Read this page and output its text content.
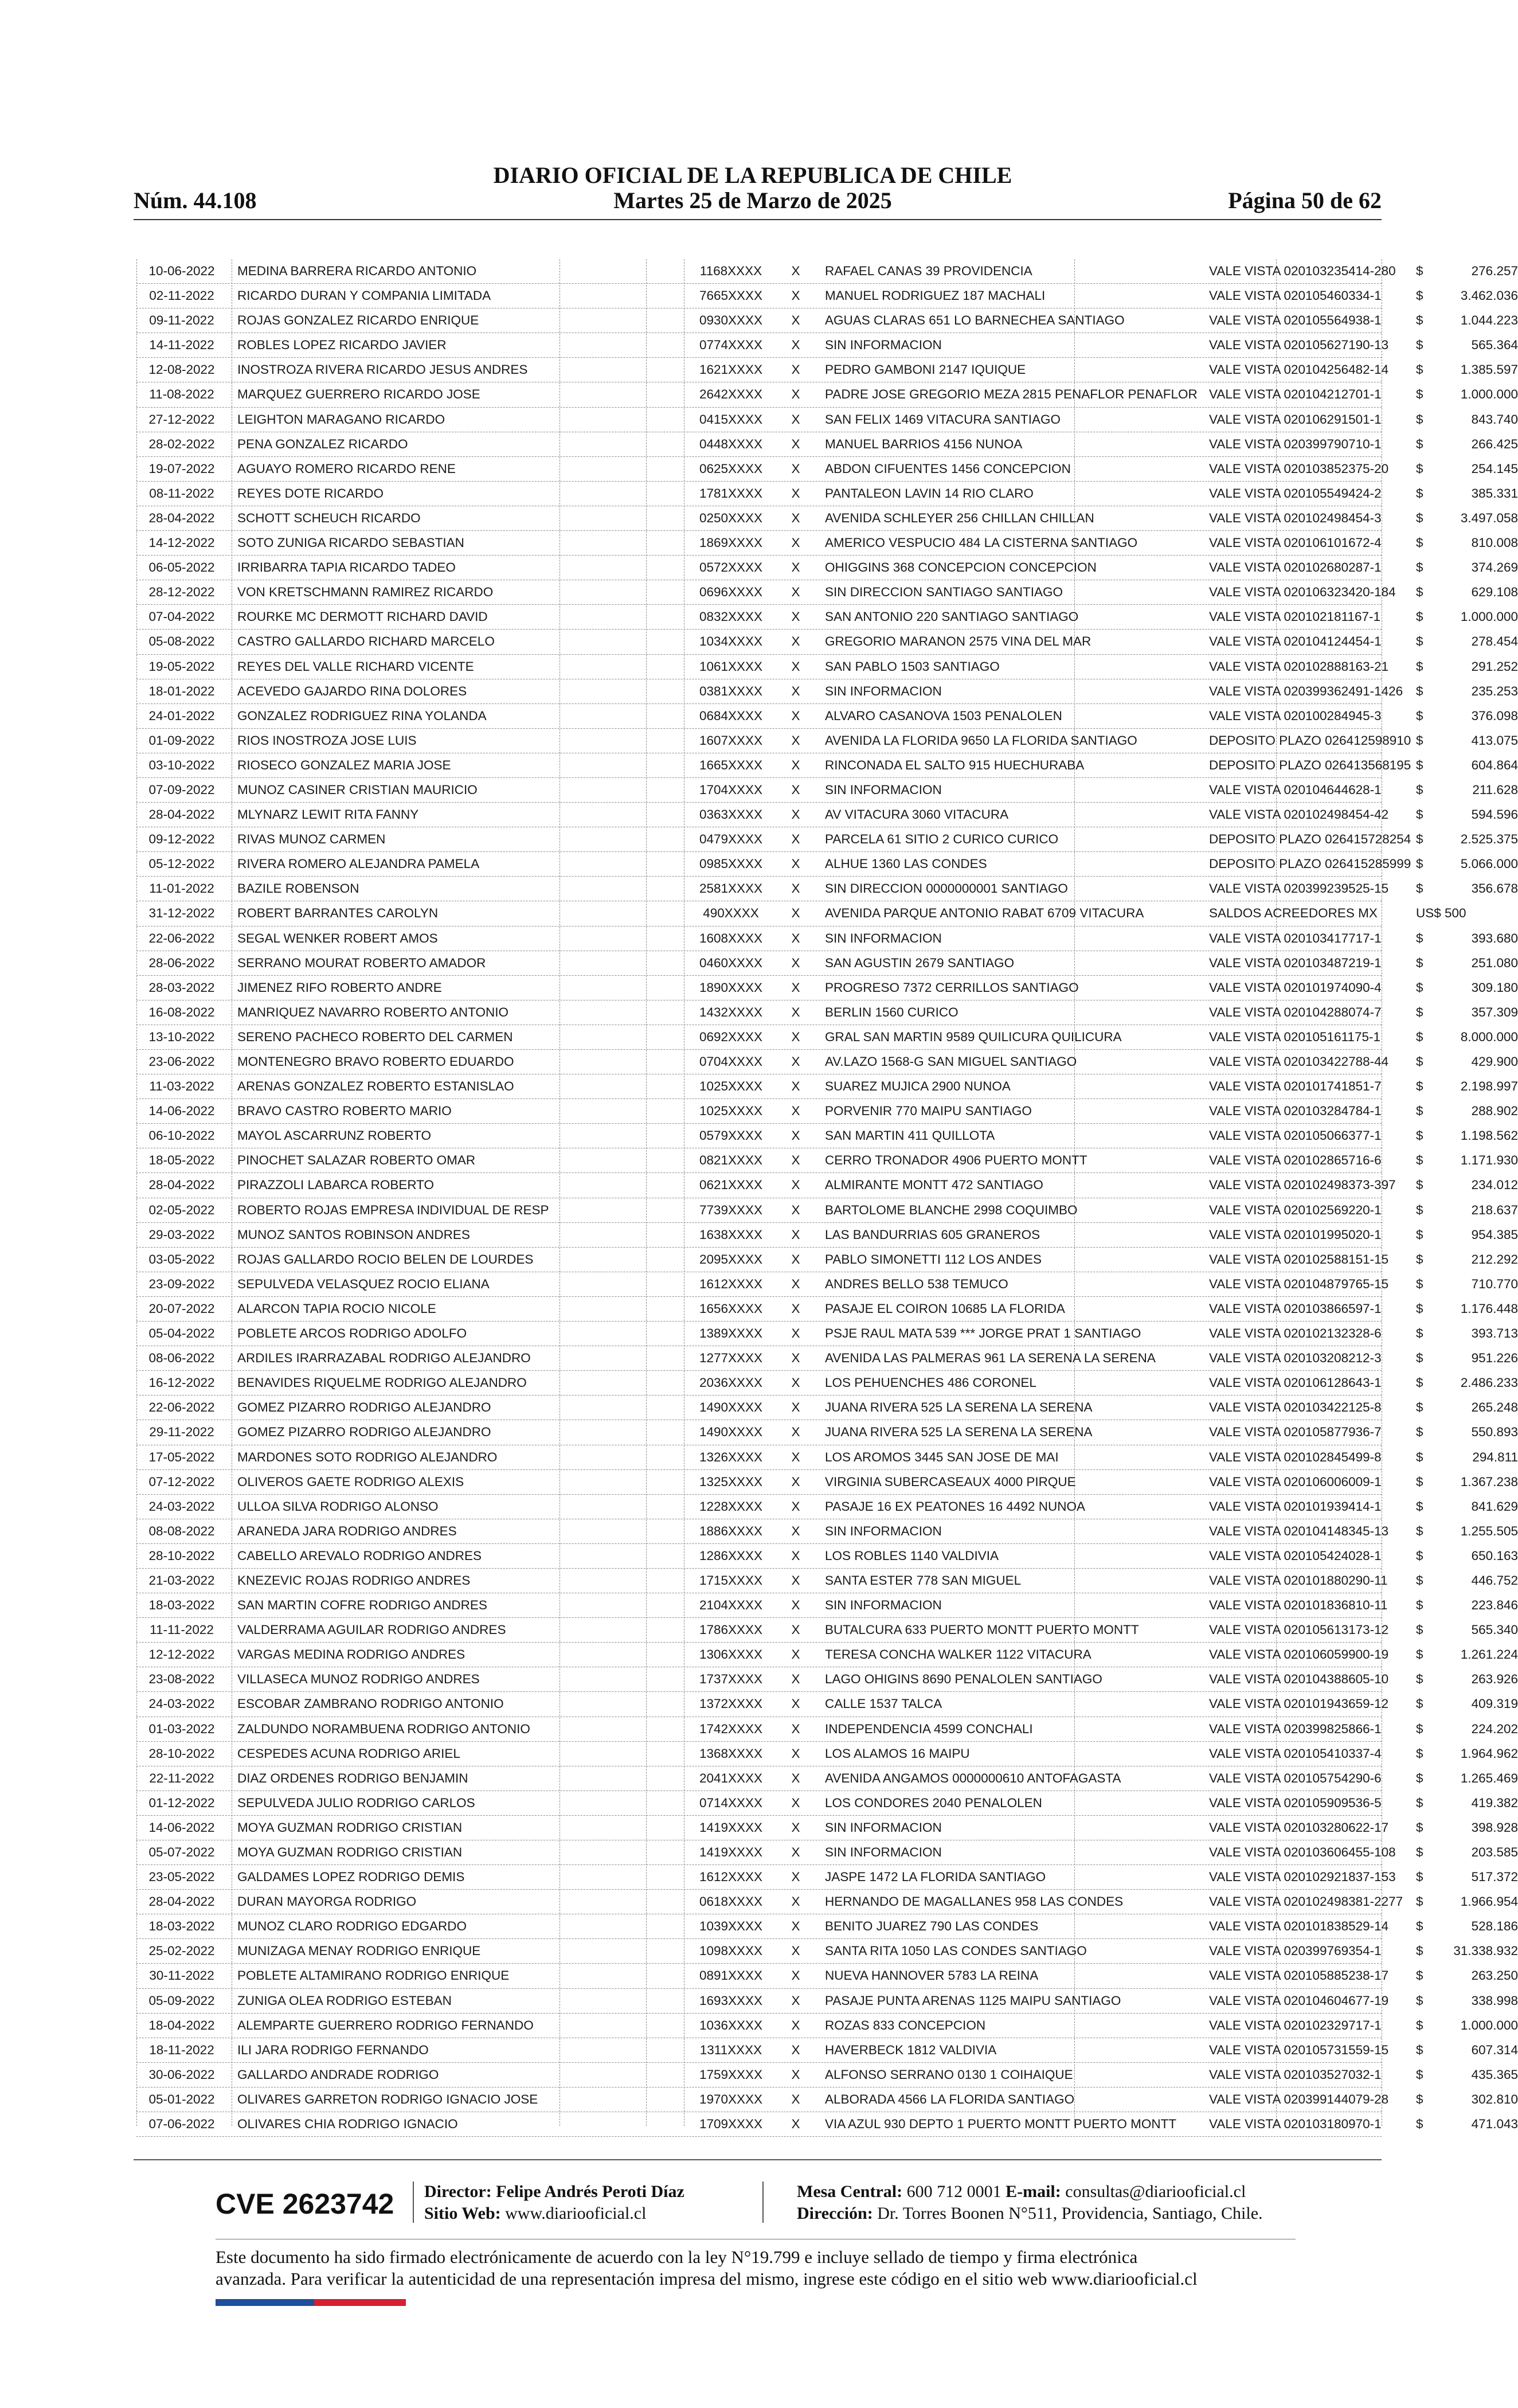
DIARIO OFICIAL DE LA REPUBLICA DE CHILE
Núm. 44.108	Martes 25 de Marzo de 2025	Página 50 de 62
10-06-2022	MEDINA BARRERA RICARDO ANTONIO	1168XXXX	X	RAFAEL CANAS 39 PROVIDENCIA	VALE VISTA 020103235414-280	$	276.257
02-11-2022	RICARDO DURAN Y COMPANIA LIMITADA	7665XXXX	X	MANUEL RODRIGUEZ 187 MACHALI	VALE VISTA 020105460334-1	$	3.462.036
09-11-2022	ROJAS GONZALEZ RICARDO ENRIQUE	0930XXXX	X	AGUAS CLARAS 651 LO BARNECHEA SANTIAGO	VALE VISTA 020105564938-1	$	1.044.223
14-11-2022	ROBLES LOPEZ RICARDO JAVIER	0774XXXX	X	SIN INFORMACION	VALE VISTA 020105627190-13	$	565.364
12-08-2022	INOSTROZA RIVERA RICARDO JESUS ANDRES	1621XXXX	X	PEDRO GAMBONI 2147 IQUIQUE	VALE VISTA 020104256482-14	$	1.385.597
11-08-2022	MARQUEZ GUERRERO RICARDO JOSE	2642XXXX	X	PADRE JOSE GREGORIO MEZA 2815 PENAFLOR PENAFLOR VALE VISTA 020104212701-1	$	1.000.000
27-12-2022	LEIGHTON MARAGANO RICARDO	0415XXXX	X	SAN FELIX 1469 VITACURA SANTIAGO	VALE VISTA 020106291501-1	$	843.740
28-02-2022	PENA GONZALEZ RICARDO	0448XXXX	X	MANUEL BARRIOS 4156 NUNOA	VALE VISTA 020399790710-1	$	266.425
19-07-2022	AGUAYO ROMERO RICARDO RENE	0625XXXX	X	ABDON CIFUENTES 1456 CONCEPCION	VALE VISTA 020103852375-20	$	254.145
08-11-2022	REYES DOTE RICARDO	1781XXXX	X	PANTALEON LAVIN 14 RIO CLARO	VALE VISTA 020105549424-2	$	385.331
28-04-2022	SCHOTT SCHEUCH RICARDO	0250XXXX	X	AVENIDA SCHLEYER 256 CHILLAN CHILLAN	VALE VISTA 020102498454-3	$	3.497.058
14-12-2022	SOTO ZUNIGA RICARDO SEBASTIAN	1869XXXX	X	AMERICO VESPUCIO 484 LA CISTERNA SANTIAGO	VALE VISTA 020106101672-4	$	810.008
06-05-2022	IRRIBARRA TAPIA RICARDO TADEO	0572XXXX	X	OHIGGINS 368 CONCEPCION CONCEPCION	VALE VISTA 020102680287-1	$	374.269
28-12-2022	VON KRETSCHMANN RAMIREZ RICARDO	0696XXXX	X	SIN DIRECCION SANTIAGO SANTIAGO	VALE VISTA 020106323420-184	$	629.108
07-04-2022	ROURKE MC DERMOTT RICHARD DAVID	0832XXXX	X	SAN ANTONIO 220 SANTIAGO SANTIAGO	VALE VISTA 020102181167-1	$	1.000.000
05-08-2022	CASTRO GALLARDO RICHARD MARCELO	1034XXXX	X	GREGORIO MARANON 2575 VINA DEL MAR	VALE VISTA 020104124454-1	$	278.454
19-05-2022	REYES DEL VALLE RICHARD VICENTE	1061XXXX	X	SAN PABLO 1503 SANTIAGO	VALE VISTA 020102888163-21	$	291.252
18-01-2022	ACEVEDO GAJARDO RINA DOLORES	0381XXXX	X	SIN INFORMACION	VALE VISTA 020399362491-1426	$	235.253
24-01-2022	GONZALEZ RODRIGUEZ RINA YOLANDA	0684XXXX	X	ALVARO CASANOVA 1503 PENALOLEN	VALE VISTA 020100284945-3	$	376.098
01-09-2022	RIOS INOSTROZA JOSE LUIS	1607XXXX	X	AVENIDA LA FLORIDA 9650 LA FLORIDA SANTIAGO	DEPOSITO PLAZO 026412598910 $	413.075
03-10-2022	RIOSECO GONZALEZ MARIA JOSE	1665XXXX	X	RINCONADA EL SALTO 915 HUECHURABA	DEPOSITO PLAZO 026413568195 $	604.864
07-09-2022	MUNOZ CASINER CRISTIAN MAURICIO	1704XXXX	X	SIN INFORMACION	VALE VISTA 020104644628-1	$	211.628
28-04-2022	MLYNARZ LEWIT RITA FANNY	0363XXXX	X	AV VITACURA 3060 VITACURA	VALE VISTA 020102498454-42	$	594.596
09-12-2022	RIVAS MUNOZ CARMEN	0479XXXX	X	PARCELA 61 SITIO 2 CURICO CURICO	DEPOSITO PLAZO 026415728254 $	2.525.375
05-12-2022	RIVERA ROMERO ALEJANDRA PAMELA	0985XXXX	X	ALHUE 1360 LAS CONDES	DEPOSITO PLAZO 026415285999 $	5.066.000
11-01-2022	BAZILE ROBENSON	2581XXXX	X	SIN DIRECCION 0000000001 SANTIAGO	VALE VISTA 020399239525-15	$	356.678
31-12-2022	ROBERT BARRANTES CAROLYN	490XXXX	X	AVENIDA PARQUE ANTONIO RABAT 6709 VITACURA	SALDOS ACREEDORES MX	US$ 500
22-06-2022	SEGAL WENKER ROBERT AMOS	1608XXXX	X	SIN INFORMACION	VALE VISTA 020103417717-1	$	393.680
28-06-2022	SERRANO MOURAT ROBERTO AMADOR	0460XXXX	X	SAN AGUSTIN 2679 SANTIAGO	VALE VISTA 020103487219-1	$	251.080
28-03-2022	JIMENEZ RIFO ROBERTO ANDRE	1890XXXX	X	PROGRESO 7372 CERRILLOS SANTIAGO	VALE VISTA 020101974090-4	$	309.180
16-08-2022	MANRIQUEZ NAVARRO ROBERTO ANTONIO	1432XXXX	X	BERLIN 1560 CURICO	VALE VISTA 020104288074-7	$	357.309
13-10-2022	SERENO PACHECO ROBERTO DEL CARMEN	0692XXXX	X	GRAL SAN MARTIN 9589 QUILICURA QUILICURA	VALE VISTA 020105161175-1	$	8.000.000
23-06-2022	MONTENEGRO BRAVO ROBERTO EDUARDO	0704XXXX	X	AV.LAZO 1568-G SAN MIGUEL SANTIAGO	VALE VISTA 020103422788-44	$	429.900
11-03-2022	ARENAS GONZALEZ ROBERTO ESTANISLAO	1025XXXX	X	SUAREZ MUJICA 2900 NUNOA	VALE VISTA 020101741851-7	$	2.198.997
14-06-2022	BRAVO CASTRO ROBERTO MARIO	1025XXXX	X	PORVENIR 770 MAIPU SANTIAGO	VALE VISTA 020103284784-1	$	288.902
06-10-2022	MAYOL ASCARRUNZ ROBERTO	0579XXXX	X	SAN MARTIN 411 QUILLOTA	VALE VISTA 020105066377-1	$	1.198.562
18-05-2022	PINOCHET SALAZAR ROBERTO OMAR	0821XXXX	X	CERRO TRONADOR 4906 PUERTO MONTT	VALE VISTA 020102865716-6	$	1.171.930
28-04-2022	PIRAZZOLI LABARCA ROBERTO	0621XXXX	X	ALMIRANTE MONTT 472 SANTIAGO	VALE VISTA 020102498373-397	$	234.012
02-05-2022	ROBERTO ROJAS EMPRESA INDIVIDUAL DE RESP	7739XXXX	X	BARTOLOME BLANCHE 2998 COQUIMBO	VALE VISTA 020102569220-1	$	218.637
29-03-2022	MUNOZ SANTOS ROBINSON ANDRES	1638XXXX	X	LAS BANDURRIAS 605 GRANEROS	VALE VISTA 020101995020-1	$	954.385
03-05-2022	ROJAS GALLARDO ROCIO BELEN DE LOURDES	2095XXXX	X	PABLO SIMONETTI 112 LOS ANDES	VALE VISTA 020102588151-15	$	212.292
23-09-2022	SEPULVEDA VELASQUEZ ROCIO ELIANA	1612XXXX	X	ANDRES BELLO 538 TEMUCO	VALE VISTA 020104879765-15	$	710.770
20-07-2022	ALARCON TAPIA ROCIO NICOLE	1656XXXX	X	PASAJE EL COIRON 10685 LA FLORIDA	VALE VISTA 020103866597-1	$	1.176.448
05-04-2022	POBLETE ARCOS RODRIGO ADOLFO	1389XXXX	X	PSJE RAUL MATA 539 *** JORGE PRAT 1 SANTIAGO	VALE VISTA 020102132328-6	$	393.713
08-06-2022	ARDILES IRARRAZABAL RODRIGO ALEJANDRO	1277XXXX	X	AVENIDA LAS PALMERAS 961 LA SERENA LA SERENA	VALE VISTA 020103208212-3	$	951.226
16-12-2022	BENAVIDES RIQUELME RODRIGO ALEJANDRO	2036XXXX	X	LOS PEHUENCHES 486 CORONEL	VALE VISTA 020106128643-1	$	2.486.233
22-06-2022	GOMEZ PIZARRO RODRIGO ALEJANDRO	1490XXXX	X	JUANA RIVERA 525 LA SERENA LA SERENA	VALE VISTA 020103422125-8	$	265.248
29-11-2022	GOMEZ PIZARRO RODRIGO ALEJANDRO	1490XXXX	X	JUANA RIVERA 525 LA SERENA LA SERENA	VALE VISTA 020105877936-7	$	550.893
17-05-2022	MARDONES SOTO RODRIGO ALEJANDRO	1326XXXX	X	LOS AROMOS 3445 SAN JOSE DE MAI	VALE VISTA 020102845499-8	$	294.811
07-12-2022	OLIVEROS GAETE RODRIGO ALEXIS	1325XXXX	X	VIRGINIA SUBERCASEAUX 4000 PIRQUE	VALE VISTA 020106006009-1	$	1.367.238
24-03-2022	ULLOA SILVA RODRIGO ALONSO	1228XXXX	X	PASAJE 16 EX PEATONES 16 4492 NUNOA	VALE VISTA 020101939414-1	$	841.629
08-08-2022	ARANEDA JARA RODRIGO ANDRES	1886XXXX	X	SIN INFORMACION	VALE VISTA 020104148345-13	$	1.255.505
28-10-2022	CABELLO AREVALO RODRIGO ANDRES	1286XXXX	X	LOS ROBLES 1140 VALDIVIA	VALE VISTA 020105424028-1	$	650.163
21-03-2022	KNEZEVIC ROJAS RODRIGO ANDRES	1715XXXX	X	SANTA ESTER 778 SAN MIGUEL	VALE VISTA 020101880290-11	$	446.752
18-03-2022	SAN MARTIN COFRE RODRIGO ANDRES	2104XXXX	X	SIN INFORMACION	VALE VISTA 020101836810-11	$	223.846
11-11-2022	VALDERRAMA AGUILAR RODRIGO ANDRES	1786XXXX	X	BUTALCURA 633 PUERTO MONTT PUERTO MONTT	VALE VISTA 020105613173-12	$	565.340
12-12-2022	VARGAS MEDINA RODRIGO ANDRES	1306XXXX	X	TERESA CONCHA WALKER 1122 VITACURA	VALE VISTA 020106059900-19	$	1.261.224
23-08-2022	VILLASECA MUNOZ RODRIGO ANDRES	1737XXXX	X	LAGO OHIGINS 8690 PENALOLEN SANTIAGO	VALE VISTA 020104388605-10	$	263.926
24-03-2022	ESCOBAR ZAMBRANO RODRIGO ANTONIO	1372XXXX	X	CALLE 1537 TALCA	VALE VISTA 020101943659-12	$	409.319
01-03-2022	ZALDUNDO NORAMBUENA RODRIGO ANTONIO	1742XXXX	X	INDEPENDENCIA 4599 CONCHALI	VALE VISTA 020399825866-1	$	224.202
28-10-2022	CESPEDES ACUNA RODRIGO ARIEL	1368XXXX	X	LOS ALAMOS 16 MAIPU	VALE VISTA 020105410337-4	$	1.964.962
22-11-2022	DIAZ ORDENES RODRIGO BENJAMIN	2041XXXX	X	AVENIDA ANGAMOS 0000000610 ANTOFAGASTA	VALE VISTA 020105754290-6	$	1.265.469
01-12-2022	SEPULVEDA JULIO RODRIGO CARLOS	0714XXXX	X	LOS CONDORES 2040 PENALOLEN	VALE VISTA 020105909536-5	$	419.382
14-06-2022	MOYA GUZMAN RODRIGO CRISTIAN	1419XXXX	X	SIN INFORMACION	VALE VISTA 020103280622-17	$	398.928
05-07-2022	MOYA GUZMAN RODRIGO CRISTIAN	1419XXXX	X	SIN INFORMACION	VALE VISTA 020103606455-108	$	203.585
23-05-2022	GALDAMES LOPEZ RODRIGO DEMIS	1612XXXX	X	JASPE 1472 LA FLORIDA SANTIAGO	VALE VISTA 020102921837-153	$	517.372
28-04-2022	DURAN MAYORGA RODRIGO	0618XXXX	X	HERNANDO DE MAGALLANES 958 LAS CONDES	VALE VISTA 020102498381-2277	$	1.966.954
18-03-2022	MUNOZ CLARO RODRIGO EDGARDO	1039XXXX	X	BENITO JUAREZ 790 LAS CONDES	VALE VISTA 020101838529-14	$	528.186
25-02-2022	MUNIZAGA MENAY RODRIGO ENRIQUE	1098XXXX	X	SANTA RITA 1050 LAS CONDES SANTIAGO	VALE VISTA 020399769354-1	$	31.338.932
30-11-2022	POBLETE ALTAMIRANO RODRIGO ENRIQUE	0891XXXX	X	NUEVA HANNOVER 5783 LA REINA	VALE VISTA 020105885238-17	$	263.250
05-09-2022	ZUNIGA OLEA RODRIGO ESTEBAN	1693XXXX	X	PASAJE PUNTA ARENAS 1125 MAIPU SANTIAGO	VALE VISTA 020104604677-19	$	338.998
18-04-2022	ALEMPARTE GUERRERO RODRIGO FERNANDO	1036XXXX	X	ROZAS 833 CONCEPCION	VALE VISTA 020102329717-1	$	1.000.000
18-11-2022	ILI JARA RODRIGO FERNANDO	1311XXXX	X	HAVERBECK 1812 VALDIVIA	VALE VISTA 020105731559-15	$	607.314
30-06-2022	GALLARDO ANDRADE RODRIGO	1759XXXX	X	ALFONSO SERRANO 0130 1 COIHAIQUE	VALE VISTA 020103527032-1	$	435.365
05-01-2022	OLIVARES GARRETON RODRIGO IGNACIO JOSE	1970XXXX	X	ALBORADA 4566 LA FLORIDA SANTIAGO	VALE VISTA 020399144079-28	$	302.810
07-06-2022	OLIVARES CHIA RODRIGO IGNACIO	1709XXXX	X	VIA AZUL 930 DEPTO 1 PUERTO MONTT PUERTO MONTT	VALE VISTA 020103180970-1	$	471.043
CVE 2623742 Director: Felipe Andrés Peroti Díaz
Sitio Web: www.diariooficial.cl
Mesa Central: 600 712 0001 E-mail: consultas@diariooficial.cl
Dirección: Dr. Torres Boonen N°511, Providencia, Santiago, Chile.
Este documento ha sido firmado electrónicamente de acuerdo con la ley N°19.799 e incluye sellado de tiempo y firma electrónica
avanzada. Para verificar la autenticidad de una representación impresa del mismo, ingrese este código en el sitio web www.diariooficial.cl
